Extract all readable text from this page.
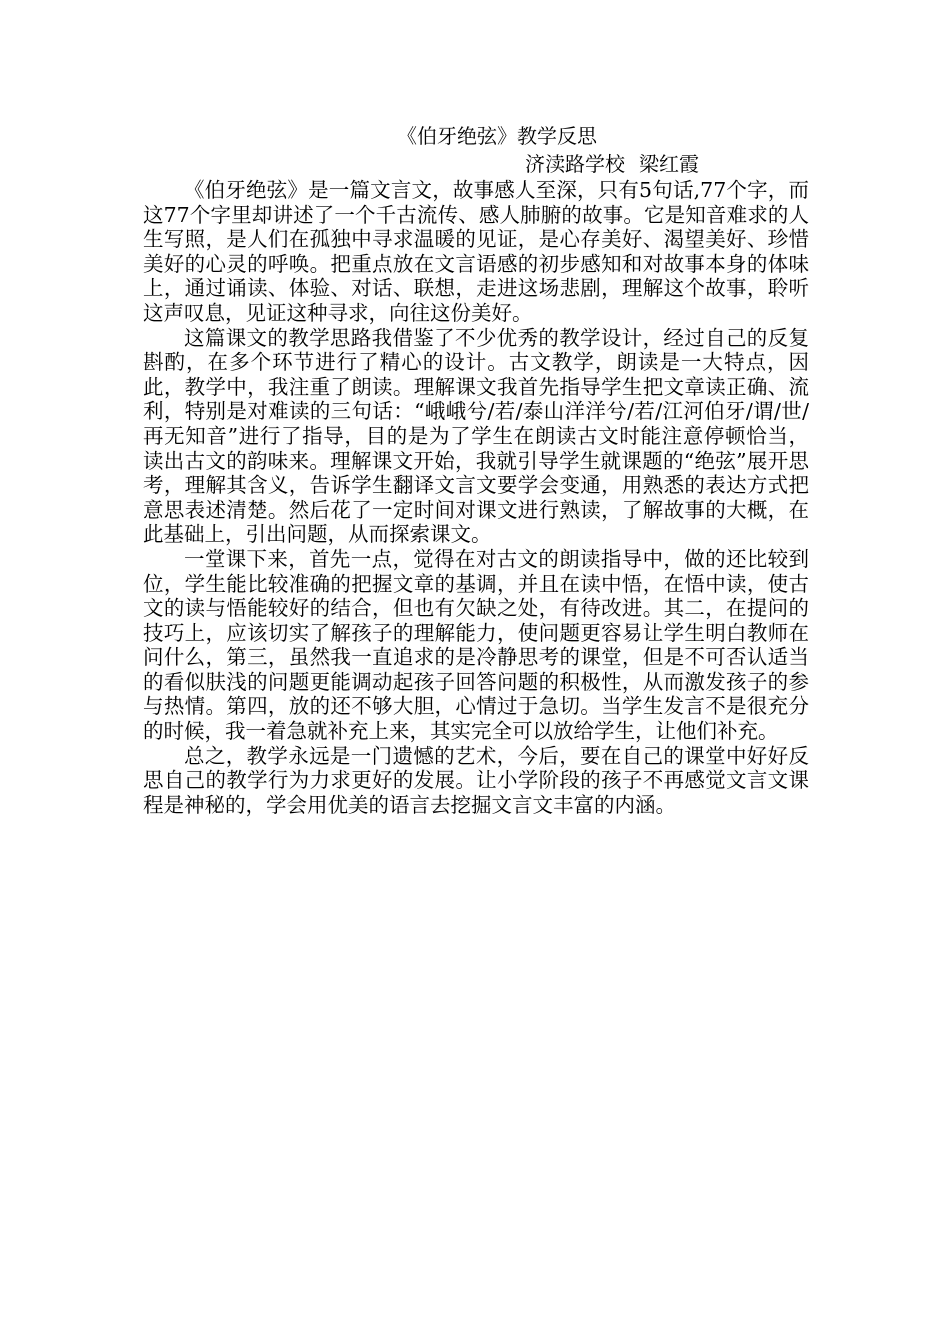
《伯牙绝弦》教学反思
济渎路学校 梁红霞

《伯牙绝弦》是一篇文言文，故事感人至深，只有5句话,77个字，而这77个字里却讲述了一个千古流传、感人肺腑的故事。它是知音难求的人生写照，是人们在孤独中寻求温暖的见证，是心存美好、渴望美好、珍惜美好的心灵的呼唤。把重点放在文言语感的初步感知和对故事本身的体味上，通过诵读、体验、对话、联想，走进这场悲剧，理解这个故事，聆听这声叹息，见证这种寻求，向往这份美好。

这篇课文的教学思路我借鉴了不少优秀的教学设计，经过自己的反复斟酌，在多个环节进行了精心的设计。古文教学，朗读是一大特点，因此，教学中，我注重了朗读。理解课文我首先指导学生把文章读正确、流利，特别是对难读的三句话：“峨峨兮/若/泰山洋洋兮/若/江河伯牙/谓/世/再无知音”进行了指导，目的是为了学生在朗读古文时能注意停顿恰当，读出古文的韵味来。理解课文开始，我就引导学生就课题的“绝弦”展开思考，理解其含义，告诉学生翻译文言文要学会变通，用熟悉的表达方式把意思表述清楚。然后花了一定时间对课文进行熟读，了解故事的大概，在此基础上，引出问题，从而探索课文。

一堂课下来，首先一点，觉得在对古文的朗读指导中，做的还比较到位，学生能比较准确的把握文章的基调，并且在读中悟，在悟中读，使古文的读与悟能较好的结合，但也有欠缺之处，有待改进。其二，在提问的技巧上，应该切实了解孩子的理解能力，使问题更容易让学生明白教师在问什么，第三，虽然我一直追求的是冷静思考的课堂，但是不可否认适当的看似肤浅的问题更能调动起孩子回答问题的积极性，从而激发孩子的参与热情。第四，放的还不够大胆，心情过于急切。当学生发言不是很充分的时候，我一着急就补充上来，其实完全可以放给学生，让他们补充。

总之，教学永远是一门遗憾的艺术，今后，要在自己的课堂中好好反思自己的教学行为力求更好的发展。让小学阶段的孩子不再感觉文言文课程是神秘的，学会用优美的语言去挖掘文言文丰富的内涵。
